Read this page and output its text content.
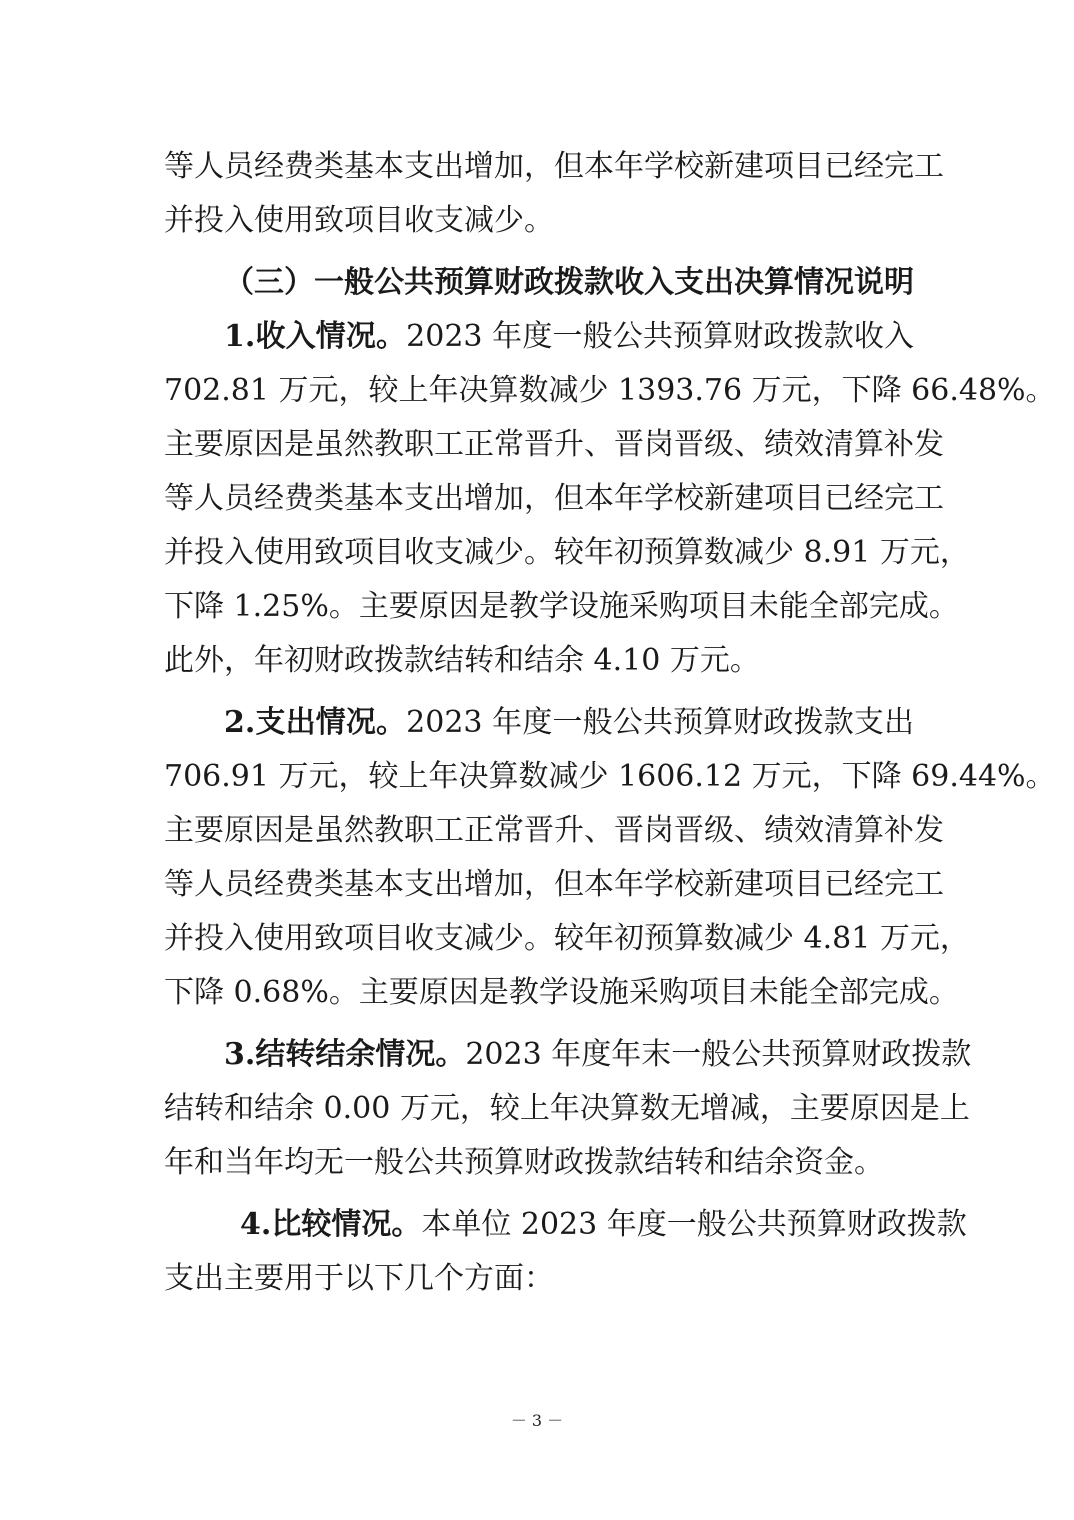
等人员经费类基本支出增加，但本年学校新建项目已经完工
并投入使用致项目收支减少。
（三）一般公共预算财政拨款收入支出决算情况说明
1.收入情况。2023 年度一般公共预算财政拨款收入
702.81 万元，较上年决算数减少 1393.76 万元，下降 66.48%。
主要原因是虽然教职工正常晋升、晋岗晋级、绩效清算补发
等人员经费类基本支出增加，但本年学校新建项目已经完工
并投入使用致项目收支减少。较年初预算数减少 8.91 万元，
下降 1.25%。主要原因是教学设施采购项目未能全部完成。
此外，年初财政拨款结转和结余 4.10 万元。
2.支出情况。2023 年度一般公共预算财政拨款支出
706.91 万元，较上年决算数减少 1606.12 万元，下降 69.44%。
主要原因是虽然教职工正常晋升、晋岗晋级、绩效清算补发
等人员经费类基本支出增加，但本年学校新建项目已经完工
并投入使用致项目收支减少。较年初预算数减少 4.81 万元，
下降 0.68%。主要原因是教学设施采购项目未能全部完成。
3.结转结余情况。2023 年度年末一般公共预算财政拨款
结转和结余 0.00 万元，较上年决算数无增减，主要原因是上
年和当年均无一般公共预算财政拨款结转和结余资金。
4.比较情况。本单位 2023 年度一般公共预算财政拨款
支出主要用于以下几个方面：
－ 3 －
